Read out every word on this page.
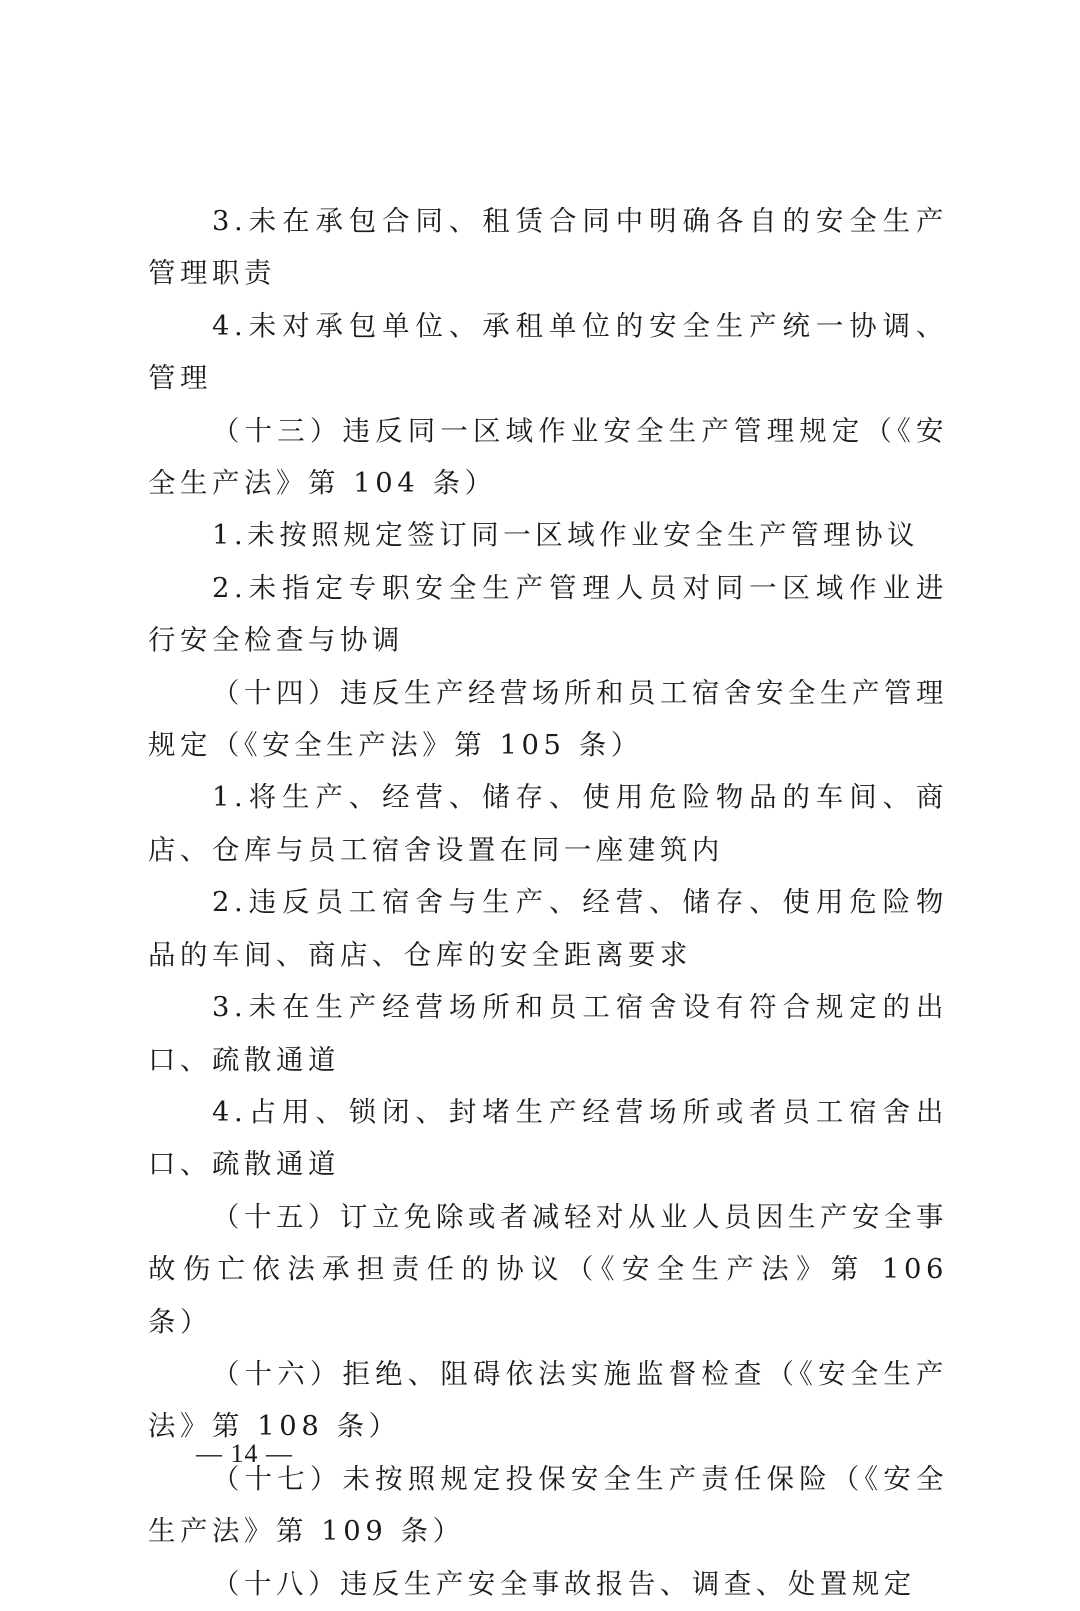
3.未在承包合同、租赁合同中明确各自的安全生产管理职责

4.未对承包单位、承租单位的安全生产统一协调、管理

（十三）违反同一区域作业安全生产管理规定（《安全生产法》第 104 条）

1.未按照规定签订同一区域作业安全生产管理协议

2.未指定专职安全生产管理人员对同一区域作业进行安全检查与协调

（十四）违反生产经营场所和员工宿舍安全生产管理规定（《安全生产法》第 105 条）

1.将生产、经营、储存、使用危险物品的车间、商店、仓库与员工宿舍设置在同一座建筑内

2.违反员工宿舍与生产、经营、储存、使用危险物品的车间、商店、仓库的安全距离要求

3.未在生产经营场所和员工宿舍设有符合规定的出口、疏散通道

4.占用、锁闭、封堵生产经营场所或者员工宿舍出口、疏散通道

（十五）订立免除或者减轻对从业人员因生产安全事故伤亡依法承担责任的协议（《安全生产法》第 106 条）

（十六）拒绝、阻碍依法实施监督检查（《安全生产法》第 108 条）

（十七）未按照规定投保安全生产责任保险（《安全生产法》第 109 条）

（十八）违反生产安全事故报告、调查、处置规定

— 14 —
